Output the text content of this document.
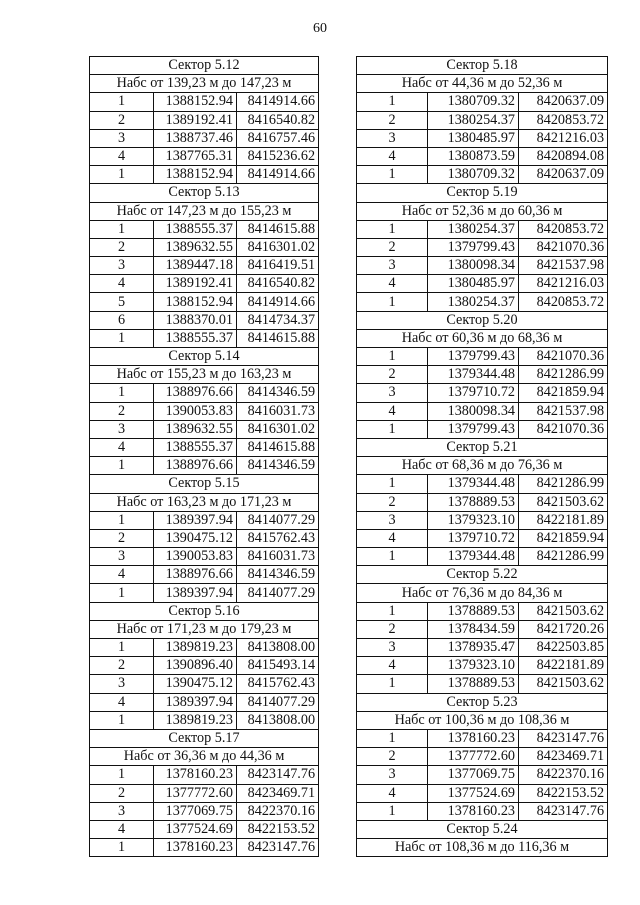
60
Сектор 5.12		
Набс от 139,23 м до 147,23 м		
1	1388152.94	8414914.66
2	1389192.41	8416540.82
3	1388737.46	8416757.46
4	1387765.31	8415236.62
1	1388152.94	8414914.66
Сектор 5.13		
Набс от 147,23 м до 155,23 м		
1	1388555.37	8414615.88
2	1389632.55	8416301.02
3	1389447.18	8416419.51
4	1389192.41	8416540.82
5	1388152.94	8414914.66
6	1388370.01	8414734.37
1	1388555.37	8414615.88
Сектор 5.14		
Набс от 155,23 м до 163,23 м		
1	1388976.66	8414346.59
2	1390053.83	8416031.73
3	1389632.55	8416301.02
4	1388555.37	8414615.88
1	1388976.66	8414346.59
Сектор 5.15		
Набс от 163,23 м до 171,23 м		
1	1389397.94	8414077.29
2	1390475.12	8415762.43
3	1390053.83	8416031.73
4	1388976.66	8414346.59
1	1389397.94	8414077.29
Сектор 5.16		
Набс от 171,23 м до 179,23 м		
1	1389819.23	8413808.00
2	1390896.40	8415493.14
3	1390475.12	8415762.43
4	1389397.94	8414077.29
1	1389819.23	8413808.00
Сектор 5.17		
Набс от 36,36 м до 44,36 м		
1	1378160.23	8423147.76
2	1377772.60	8423469.71
3	1377069.75	8422370.16
4	1377524.69	8422153.52
1	1378160.23	8423147.76
Сектор 5.18		
Набс от 44,36 м до 52,36 м		
1	1380709.32	8420637.09
2	1380254.37	8420853.72
3	1380485.97	8421216.03
4	1380873.59	8420894.08
1	1380709.32	8420637.09
Сектор 5.19		
Набс от 52,36 м до 60,36 м		
1	1380254.37	8420853.72
2	1379799.43	8421070.36
3	1380098.34	8421537.98
4	1380485.97	8421216.03
1	1380254.37	8420853.72
Сектор 5.20		
Набс от 60,36 м до 68,36 м		
1	1379799.43	8421070.36
2	1379344.48	8421286.99
3	1379710.72	8421859.94
4	1380098.34	8421537.98
1	1379799.43	8421070.36
Сектор 5.21		
Набс от 68,36 м до 76,36 м		
1	1379344.48	8421286.99
2	1378889.53	8421503.62
3	1379323.10	8422181.89
4	1379710.72	8421859.94
1	1379344.48	8421286.99
Сектор 5.22		
Набс от 76,36 м до 84,36 м		
1	1378889.53	8421503.62
2	1378434.59	8421720.26
3	1378935.47	8422503.85
4	1379323.10	8422181.89
1	1378889.53	8421503.62
Сектор 5.23		
Набс от 100,36 м до 108,36 м		
1	1378160.23	8423147.76
2	1377772.60	8423469.71
3	1377069.75	8422370.16
4	1377524.69	8422153.52
1	1378160.23	8423147.76
Сектор 5.24		
Набс от 108,36 м до 116,36 м		
